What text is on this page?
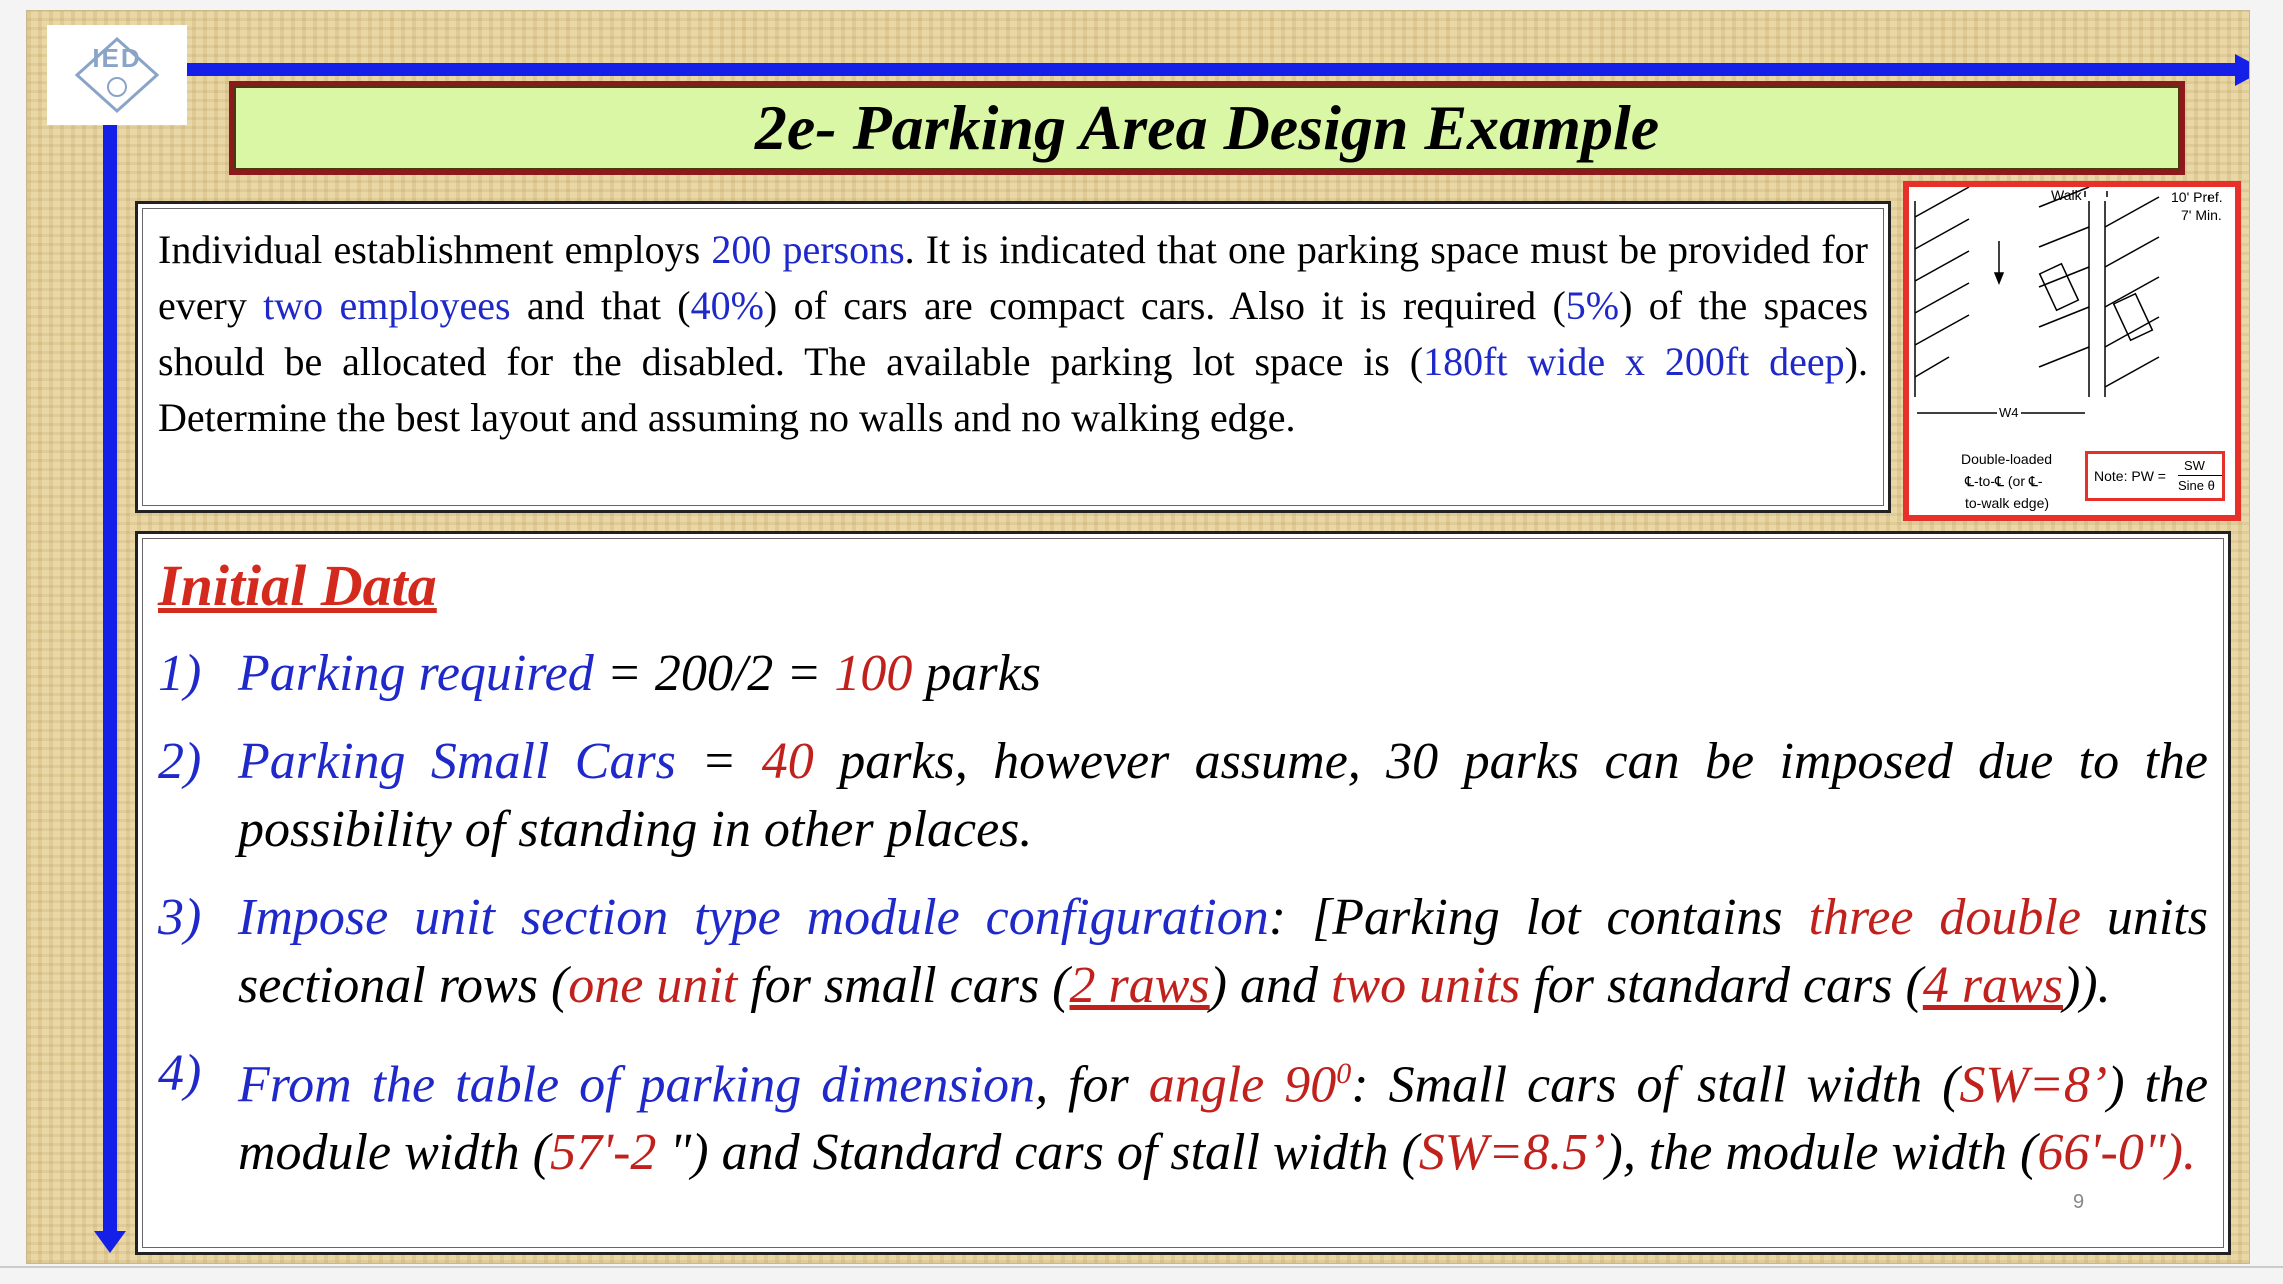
IED
2e- Parking Area Design Example
Individual establishment employs 200 persons. It is indicated that one parking space must be provided for every two employees and that (40%) of cars are compact cars. Also it is required (5%) of the spaces should be allocated for the disabled. The available parking lot space is (180ft wide x 200ft deep). Determine the best layout and assuming no walls and no walking edge.
Walk	10' Pref.
7' Min.
W4
Double-loaded
℄-to-℄ (or ℄-
to-walk edge)
Note: PW =
SW
Sine θ
Initial Data
1) Parking required = 200/2 = 100 parks
2) Parking Small Cars = 40 parks, however assume, 30 parks can be imposed due to the possibility of standing in other places.
3) Impose unit section type module configuration: [Parking lot contains three double units sectional rows (one unit for small cars (2 raws) and two units for standard cars (4 raws)).
4) From the table of parking dimension, for angle $90^0$: Small cars of stall width (SW=8’) the module width (57'-2 ") and Standard cars of stall width (SW=8.5’), the module width (66'-0").
9
